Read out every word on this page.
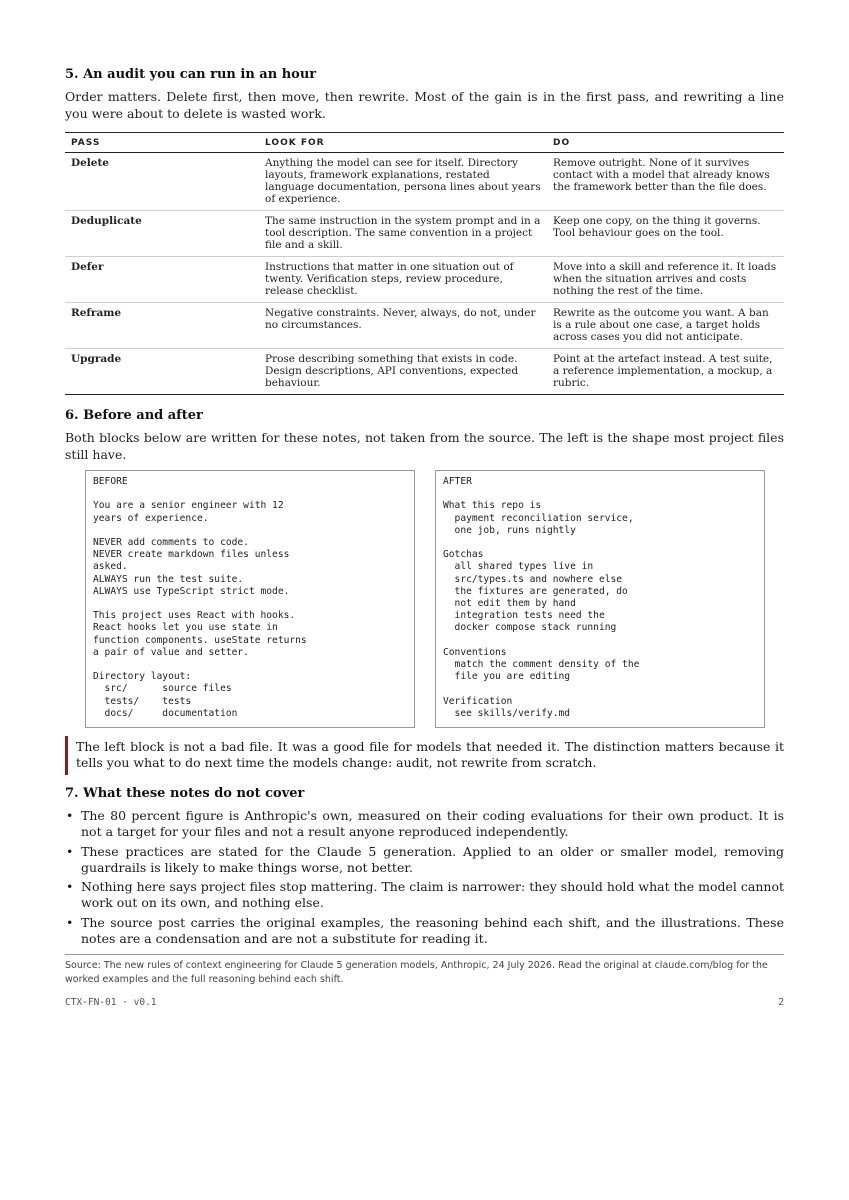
5. An audit you can run in an hour

Order matters. Delete first, then move, then rewrite. Most of the gain is in the first pass, and rewriting a line you were about to delete is wasted work.

PASS	LOOK FOR	DO
Delete	Anything the model can see for itself. Directory layouts, framework explanations, restated language documentation, persona lines about years of experience.	Remove outright. None of it survives contact with a model that already knows the framework better than the file does.
Deduplicate	The same instruction in the system prompt and in a tool description. The same convention in a project file and a skill.	Keep one copy, on the thing it governs. Tool behaviour goes on the tool.
Defer	Instructions that matter in one situation out of twenty. Verification steps, review procedure, release checklist.	Move into a skill and reference it. It loads when the situation arrives and costs nothing the rest of the time.
Reframe	Negative constraints. Never, always, do not, under no circumstances.	Rewrite as the outcome you want. A ban is a rule about one case, a target holds across cases you did not anticipate.
Upgrade	Prose describing something that exists in code. Design descriptions, API conventions, expected behaviour.	Point at the artefact instead. A test suite, a reference implementation, a mockup, a rubric.
6. Before and after

Both blocks below are written for these notes, not taken from the source. The left is the shape most project files still have.

BEFORE

You are a senior engineer with 12
years of experience.

NEVER add comments to code.
NEVER create markdown files unless
asked.
ALWAYS run the test suite.
ALWAYS use TypeScript strict mode.

This project uses React with hooks.
React hooks let you use state in
function components. useState returns
a pair of value and setter.

Directory layout:
src/      source files
tests/    tests
docs/     documentation
AFTER

What this repo is
payment reconciliation service,
one job, runs nightly

Gotchas
all shared types live in
src/types.ts and nowhere else
the fixtures are generated, do
not edit them by hand
integration tests need the
docker compose stack running

Conventions
match the comment density of the
file you are editing

Verification
see skills/verify.md

The left block is not a bad file. It was a good file for models that needed it. The distinction matters because it tells you what to do next time the models change: audit, not rewrite from scratch.

7. What these notes do not cover
• The 80 percent figure is Anthropic's own, measured on their coding evaluations for their own product. It is not a target for your files and not a result anyone reproduced independently.
• These practices are stated for the Claude 5 generation. Applied to an older or smaller model, removing guardrails is likely to make things worse, not better.
• Nothing here says project files stop mattering. The claim is narrower: they should hold what the model cannot work out on its own, and nothing else.
• The source post carries the original examples, the reasoning behind each shift, and the illustrations. These notes are a condensation and are not a substitute for reading it.
Source: The new rules of context engineering for Claude 5 generation models, Anthropic, 24 July 2026. Read the original at claude.com/blog for the worked examples and the full reasoning behind each shift.
CTX-FN-01 · v0.1	2
